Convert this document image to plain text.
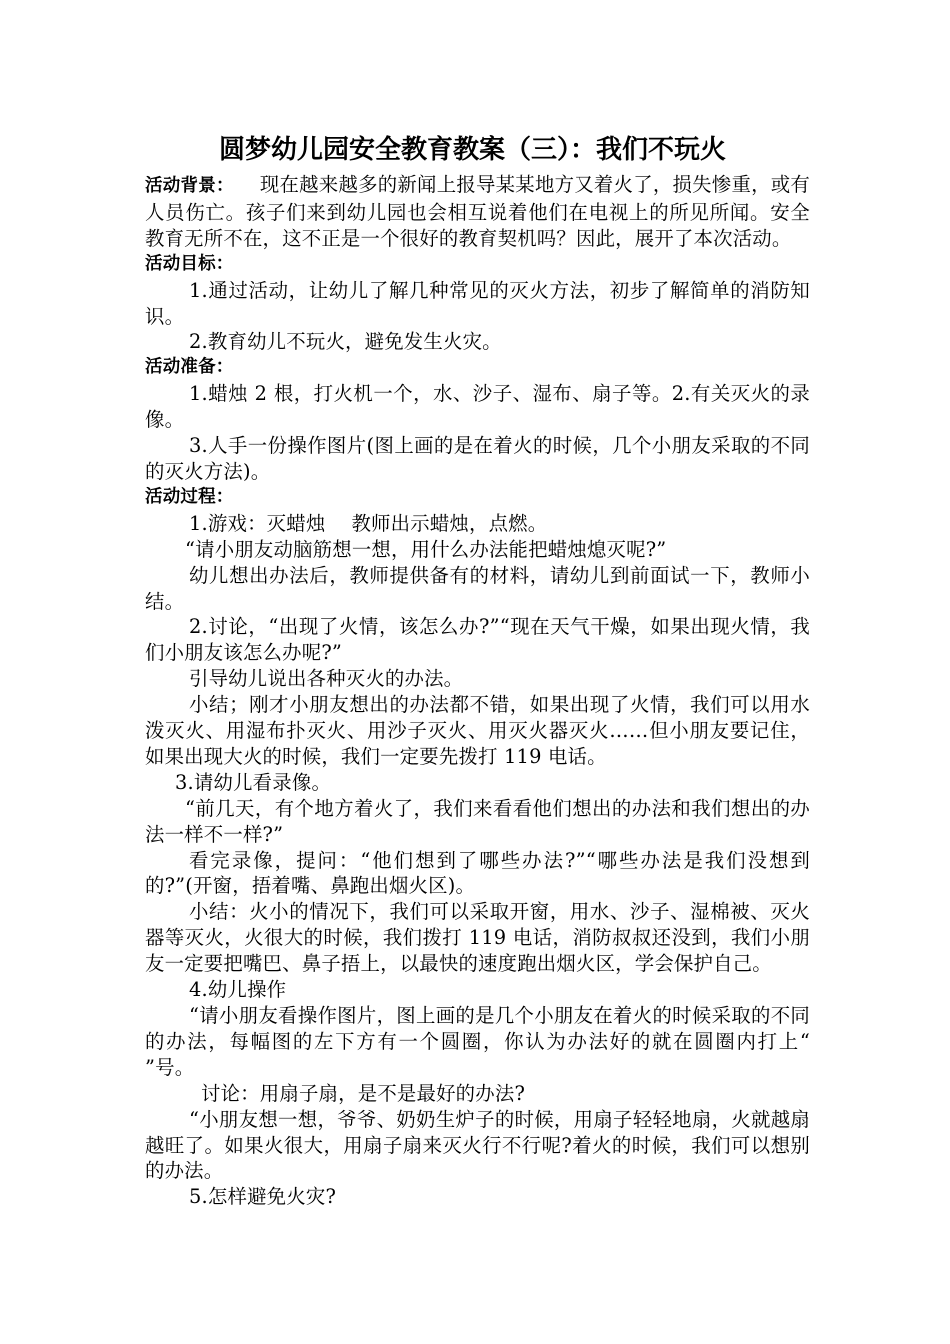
圆梦幼儿园安全教育教案（三）：我们不玩火

活动背景： 现在越来越多的新闻上报导某某地方又着火了，损失惨重，或有人员伤亡。孩子们来到幼儿园也会相互说着他们在电视上的所见所闻。安全教育无所不在，这不正是一个很好的教育契机吗？因此，展开了本次活动。

活动目标：

1.通过活动，让幼儿了解几种常见的灭火方法，初步了解简单的消防知识。

2.教育幼儿不玩火，避免发生火灾。

活动准备：

1.蜡烛 2 根，打火机一个，水、沙子、湿布、扇子等。2.有关灭火的录像。

3.人手一份操作图片(图上画的是在着火的时候，几个小朋友采取的不同的灭火方法)。

活动过程：

1.游戏：灭蜡烛 教师出示蜡烛，点燃。

“请小朋友动脑筋想一想，用什么办法能把蜡烛熄灭呢?”

幼儿想出办法后，教师提供备有的材料，请幼儿到前面试一下，教师小结。

2.讨论，“出现了火情，该怎么办?”“现在天气干燥，如果出现火情，我们小朋友该怎么办呢?”

引导幼儿说出各种灭火的办法。

小结；刚才小朋友想出的办法都不错，如果出现了火情，我们可以用水泼灭火、用湿布扑灭火、用沙子灭火、用灭火器灭火……但小朋友要记住，如果出现大火的时候，我们一定要先拨打 119 电话。

3.请幼儿看录像。

“前几天，有个地方着火了，我们来看看他们想出的办法和我们想出的办法一样不一样?”

看完录像，提问：“他们想到了哪些办法?”“哪些办法是我们没想到的?”(开窗，捂着嘴、鼻跑出烟火区)。

小结：火小的情况下，我们可以采取开窗，用水、沙子、湿棉被、灭火器等灭火，火很大的时候，我们拨打 119 电话，消防叔叔还没到，我们小朋友一定要把嘴巴、鼻子捂上，以最快的速度跑出烟火区，学会保护自己。

4.幼儿操作

“请小朋友看操作图片，图上画的是几个小朋友在着火的时候采取的不同的办法，每幅图的左下方有一个圆圈，你认为办法好的就在圆圈内打上“　 ”号。

讨论：用扇子扇，是不是最好的办法?

“小朋友想一想，爷爷、奶奶生炉子的时候，用扇子轻轻地扇，火就越扇越旺了。如果火很大，用扇子扇来灭火行不行呢?着火的时候，我们可以想别的办法。

5.怎样避免火灾?
